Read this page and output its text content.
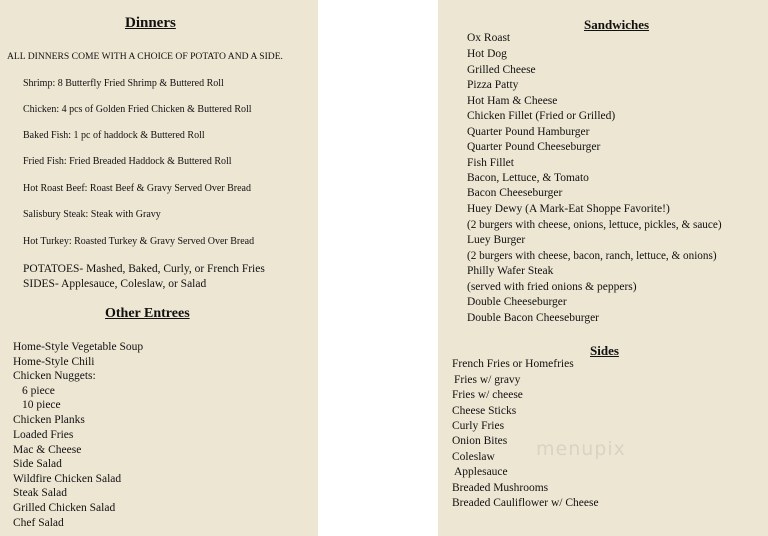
Dinners
ALL DINNERS COME WITH A CHOICE OF POTATO AND A SIDE.
Shrimp: 8 Butterfly Fried Shrimp & Buttered Roll
Chicken: 4 pcs of Golden Fried Chicken & Buttered Roll
Baked Fish: 1 pc of haddock & Buttered Roll
Fried Fish: Fried Breaded Haddock & Buttered Roll
Hot Roast Beef: Roast Beef & Gravy Served Over Bread
Salisbury Steak: Steak with Gravy
Hot Turkey: Roasted Turkey & Gravy Served Over Bread
POTATOES- Mashed, Baked, Curly, or French Fries
SIDES- Applesauce, Coleslaw, or Salad
Other Entrees
Home-Style Vegetable Soup
Home-Style Chili
Chicken Nuggets:
6 piece
10 piece
Chicken Planks
Loaded Fries
Mac & Cheese
Side Salad
Wildfire Chicken Salad
Steak Salad
Grilled Chicken Salad
Chef Salad
Sandwiches
Ox Roast
Hot Dog
Grilled Cheese
Pizza Patty
Hot Ham & Cheese
Chicken Fillet (Fried or Grilled)
Quarter Pound Hamburger
Quarter Pound Cheeseburger
Fish Fillet
Bacon, Lettuce, & Tomato
Bacon Cheeseburger
Huey Dewy (A Mark-Eat Shoppe Favorite!)
(2 burgers with cheese, onions, lettuce, pickles, & sauce)
Luey Burger
(2 burgers with cheese, bacon, ranch, lettuce, & onions)
Philly Wafer Steak
(served with fried onions & peppers)
Double Cheeseburger
Double Bacon Cheeseburger
Sides
French Fries or Homefries
Fries w/ gravy
Fries w/ cheese
Cheese Sticks
Curly Fries
Onion Bites
Coleslaw
Applesauce
Breaded Mushrooms
Breaded Cauliflower w/ Cheese
menupix
